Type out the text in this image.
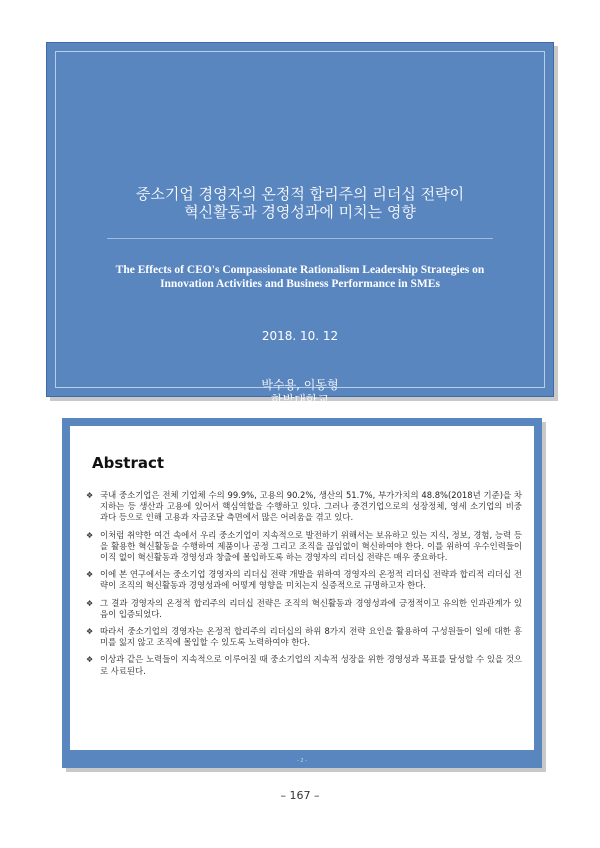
중소기업 경영자의 온정적 합리주의 리더십 전략이
혁신활동과 경영성과에 미치는 영향
The Effects of CEO's Compassionate Rationalism Leadership Strategies on
Innovation Activities and Business Performance in SMEs
2018. 10. 12
박수용, 이동형
한밭대학교
Abstract
❖ 국내 중소기업은 전체 기업체 수의 99.9%, 고용의 90.2%, 생산의 51.7%, 부가가치의 48.8%(2018년 기준)을 차지하는 등 생산과 고용에 있어서 핵심역할을 수행하고 있다. 그러나 중견기업으로의 성장정체, 영세 소기업의 비중 과다 등으로 인해 고용과 자금조달 측면에서 많은 어려움을 겪고 있다.
❖ 이처럼 취약한 여건 속에서 우리 중소기업이 지속적으로 발전하기 위해서는 보유하고 있는 지식, 정보, 경험, 능력 등을 활용한 혁신활동을 수행하여 제품이나 공정 그리고 조직을 끊임없이 혁신하여야 한다. 이를 위하여 우수인력들이 이직 없이 혁신활동과 경영성과 창출에 몰입하도록 하는 경영자의 리더십 전략은 매우 중요하다.
❖ 이에 본 연구에서는 중소기업 경영자의 리더십 전략 개발을 위하여 경영자의 온정적 리더십 전략과 합리적 리더십 전략이 조직의 혁신활동과 경영성과에 어떻게 영향을 미치는지 실증적으로 규명하고자 한다.
❖ 그 결과 경영자의 온정적 합리주의 리더십 전략은 조직의 혁신활동과 경영성과에 긍정적이고 유의한 인과관계가 있음이 입증되었다.
❖ 따라서 중소기업의 경영자는 온정적 합리주의 리더십의 하위 8가지 전략 요인을 활용하여 구성원들이 일에 대한 흥미를 잃지 않고 조직에 몰입할 수 있도록 노력하여야 한다.
❖ 이상과 같은 노력들이 지속적으로 이루어질 때 중소기업의 지속적 성장을 위한 경영성과 목표를 달성할 수 있을 것으로 사료된다.
- 2 -
– 167 –
